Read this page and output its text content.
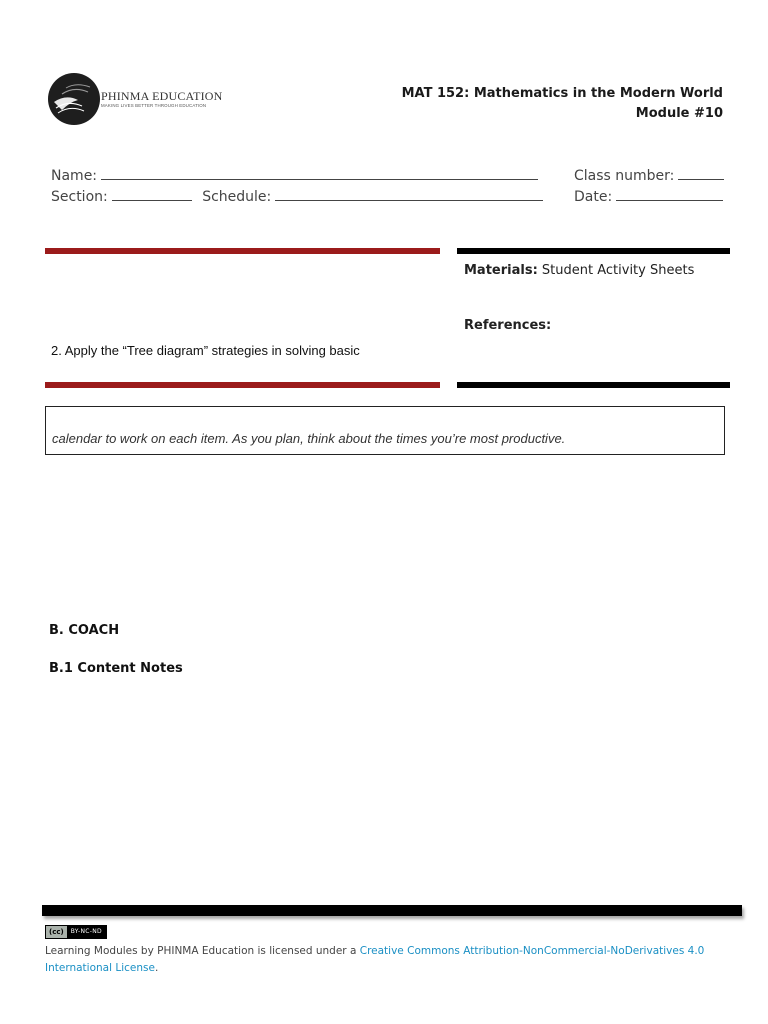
PHINMA EDUCATION
MAKING LIVES BETTER THROUGH EDUCATION
MAT 152: Mathematics in the Modern World
Module #10
Name:
Section:	Schedule:
Class number:
Date:
Materials: Student Activity Sheets
References:
2. Apply the “Tree diagram” strategies in solving basic
calendar to work on each item. As you plan, think about the times you’re most productive.
B. COACH
B.1 Content Notes
(cc)	BY-NC-ND
Learning Modules by PHINMA Education is licensed under a Creative Commons Attribution-NonCommercial-NoDerivatives 4.0 International License.
